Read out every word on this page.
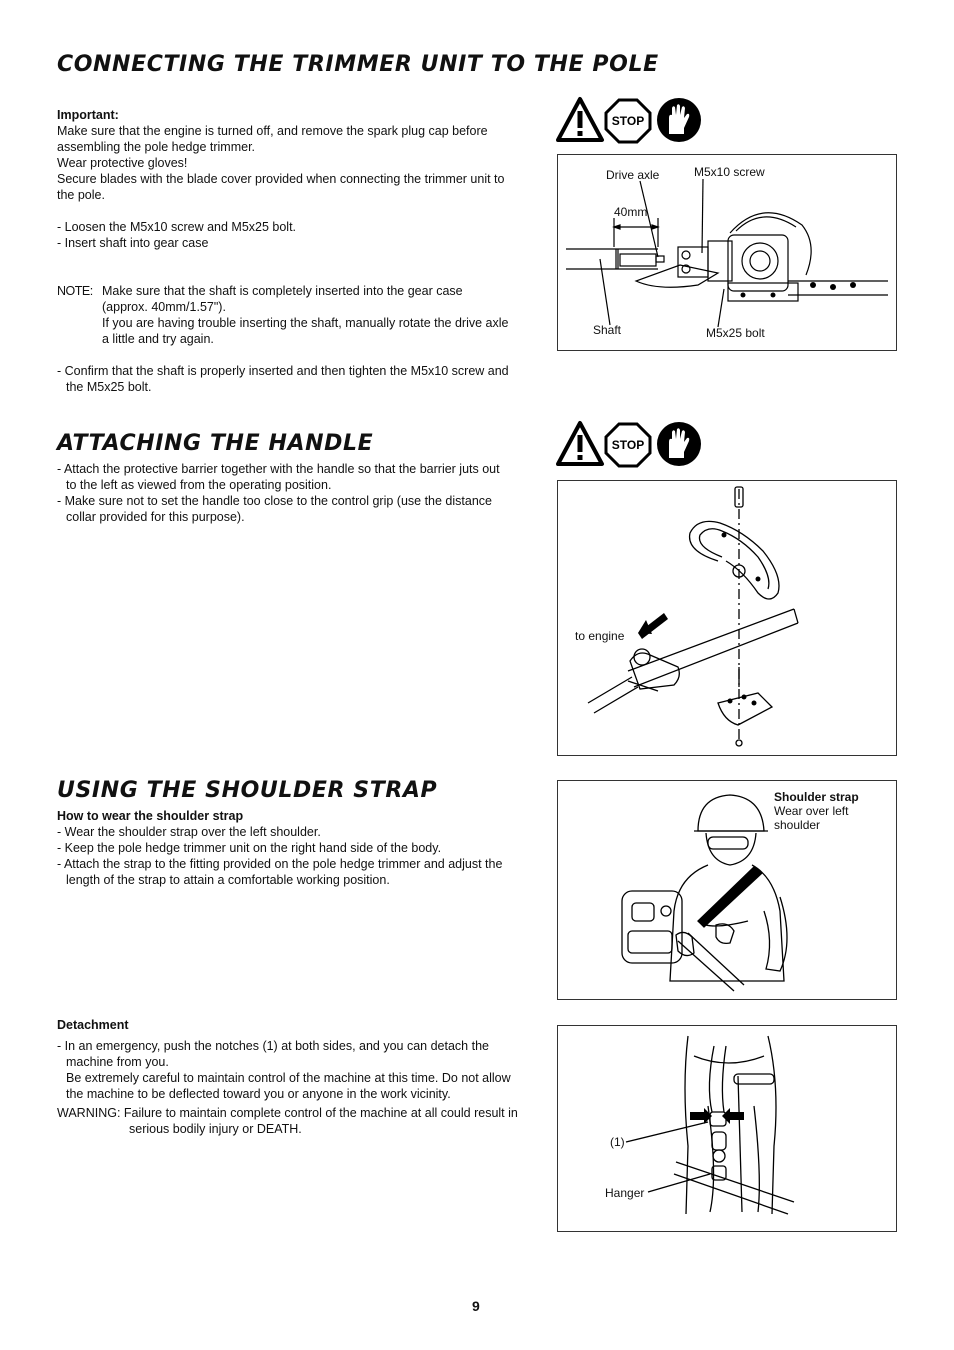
CONNECTING THE TRIMMER UNIT TO THE POLE

Important:

Make sure that the engine is turned off, and remove the spark plug cap before

assembling the pole hedge trimmer.

Wear protective gloves!

Secure blades with the blade cover provided when connecting the trimmer unit to

the pole.

- Loosen the M5x10 screw and M5x25 bolt.

- Insert shaft into gear case

NOTE: Make sure that the shaft is completely inserted into the gear case

(approx. 40mm/1.57").

If you are having trouble inserting the shaft, manually rotate the drive axle

a little and try again.

- Confirm that the shaft is properly inserted and then tighten the M5x10 screw and

the M5x25 bolt.

STOP
Drive axle	M5x10 screw
40mm
Shaft	M5x25 bolt
ATTACHING THE HANDLE

- Attach the protective barrier together with the handle so that the barrier juts out

to the left as viewed from the operating position.

- Make sure not to set the handle too close to the control grip (use the distance

collar provided for this purpose).

STOP
to engine
USING THE SHOULDER STRAP

How to wear the shoulder strap

- Wear the shoulder strap over the left shoulder.

- Keep the pole hedge trimmer unit on the right hand side of the body.

- Attach the strap to the fitting provided on the pole hedge trimmer and adjust the

length of the strap to attain a comfortable working position.

Shoulder strap
Wear over left
shoulder

Detachment

- In an emergency, push the notches (1) at both sides, and you can detach the

machine from you.

Be extremely careful to maintain control of the machine at this time. Do not allow

the machine to be deflected toward you or anyone in the work vicinity.

WARNING: Failure to maintain complete control of the machine at all could result in

serious bodily injury or DEATH.

(1)
Hanger
9
